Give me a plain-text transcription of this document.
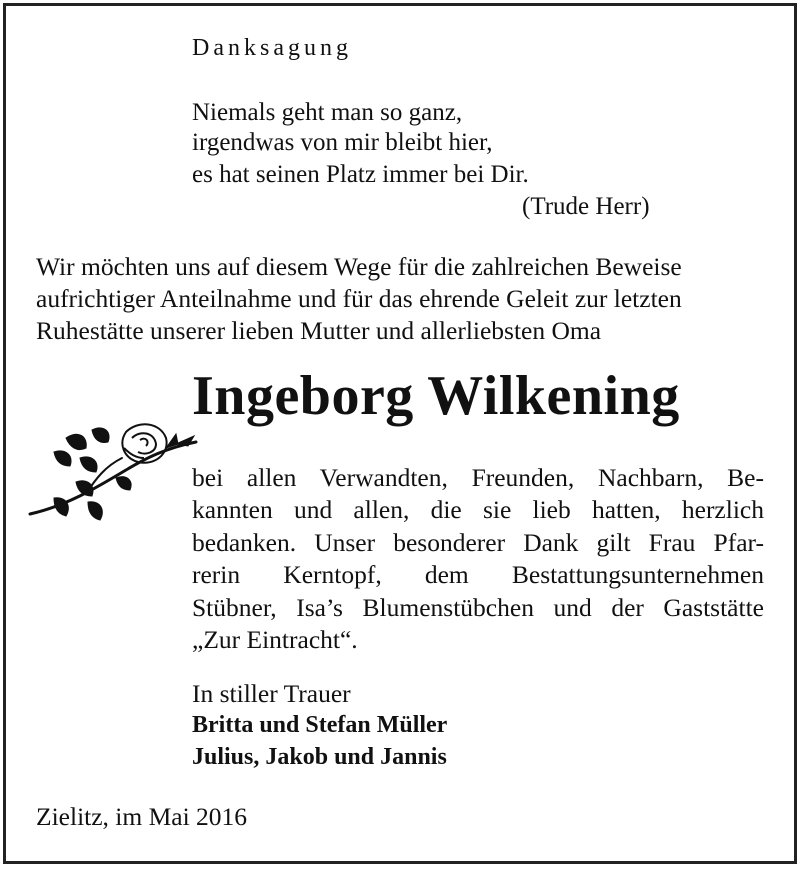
Danksagung
Niemals geht man so ganz,
irgendwas von mir bleibt hier,
es hat seinen Platz immer bei Dir.
(Trude Herr)
Wir möchten uns auf diesem Wege für die zahlreichen Beweise
aufrichtiger Anteilnahme und für das ehrende Geleit zur letzten
Ruhestätte unserer lieben Mutter und allerliebsten Oma
Ingeborg Wilkening
bei allen Verwandten, Freunden, Nachbarn, Be-
kannten und allen, die sie lieb hatten, herzlich
bedanken. Unser besonderer Dank gilt Frau Pfar-
rerin Kerntopf, dem Bestattungsunternehmen
Stübner, Isa’s Blumenstübchen und der Gaststätte
„Zur Eintracht“.
In stiller Trauer
Britta und Stefan Müller
Julius, Jakob und Jannis
Zielitz, im Mai 2016
